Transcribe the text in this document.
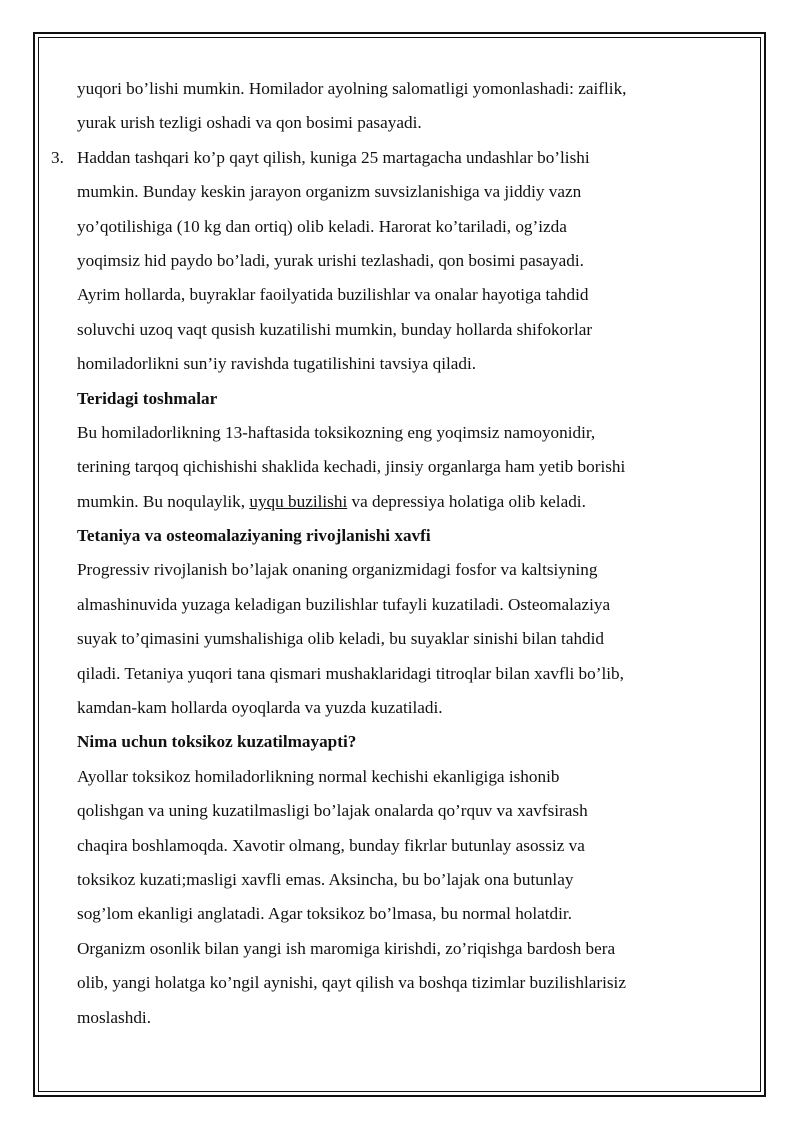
yuqori bo’lishi mumkin. Homilador ayolning salomatligi yomonlashadi: zaiflik,
yurak urish tezligi oshadi va qon bosimi pasayadi.
3. Haddan tashqari ko’p qayt qilish, kuniga 25 martagacha undashlar bo’lishi
mumkin. Bunday keskin jarayon organizm suvsizlanishiga va jiddiy vazn
yo’qotilishiga (10 kg dan ortiq) olib keladi. Harorat ko’tariladi, og’izda
yoqimsiz hid paydo bo’ladi, yurak urishi tezlashadi, qon bosimi pasayadi.
Ayrim hollarda, buyraklar faoilyatida buzilishlar va onalar hayotiga tahdid
soluvchi uzoq vaqt qusish kuzatilishi mumkin, bunday hollarda shifokorlar
homiladorlikni sun’iy ravishda tugatilishini tavsiya qiladi.
Teridagi toshmalar
Bu homiladorlikning 13-haftasida toksikozning eng yoqimsiz namoyonidir,
terining tarqoq qichishishi shaklida kechadi, jinsiy organlarga ham yetib borishi
mumkin. Bu noqulaylik, uyqu buzilishi va depressiya holatiga olib keladi.
Tetaniya va osteomalaziyaning rivojlanishi xavfi
Progressiv rivojlanish bo’lajak onaning organizmidagi fosfor va kaltsiyning
almashinuvida yuzaga keladigan buzilishlar tufayli kuzatiladi. Osteomalaziya
suyak to’qimasini yumshalishiga olib keladi, bu suyaklar sinishi bilan tahdid
qiladi. Tetaniya yuqori tana qismari mushaklaridagi titroqlar bilan xavfli bo’lib,
kamdan-kam hollarda oyoqlarda va yuzda kuzatiladi.
Nima uchun toksikoz kuzatilmayapti?
Ayollar toksikoz homiladorlikning normal kechishi ekanligiga ishonib
qolishgan va uning kuzatilmasligi bo’lajak onalarda qo’rquv va xavfsirash
chaqira boshlamoqda. Xavotir olmang, bunday fikrlar butunlay asossiz va
toksikoz kuzati;masligi xavfli emas. Aksincha, bu bo’lajak ona butunlay
sog’lom ekanligi anglatadi. Agar toksikoz bo’lmasa, bu normal holatdir.
Organizm osonlik bilan yangi ish maromiga kirishdi, zo’riqishga bardosh bera
olib, yangi holatga ko’ngil aynishi, qayt qilish va boshqa tizimlar buzilishlarisiz
moslashdi.
